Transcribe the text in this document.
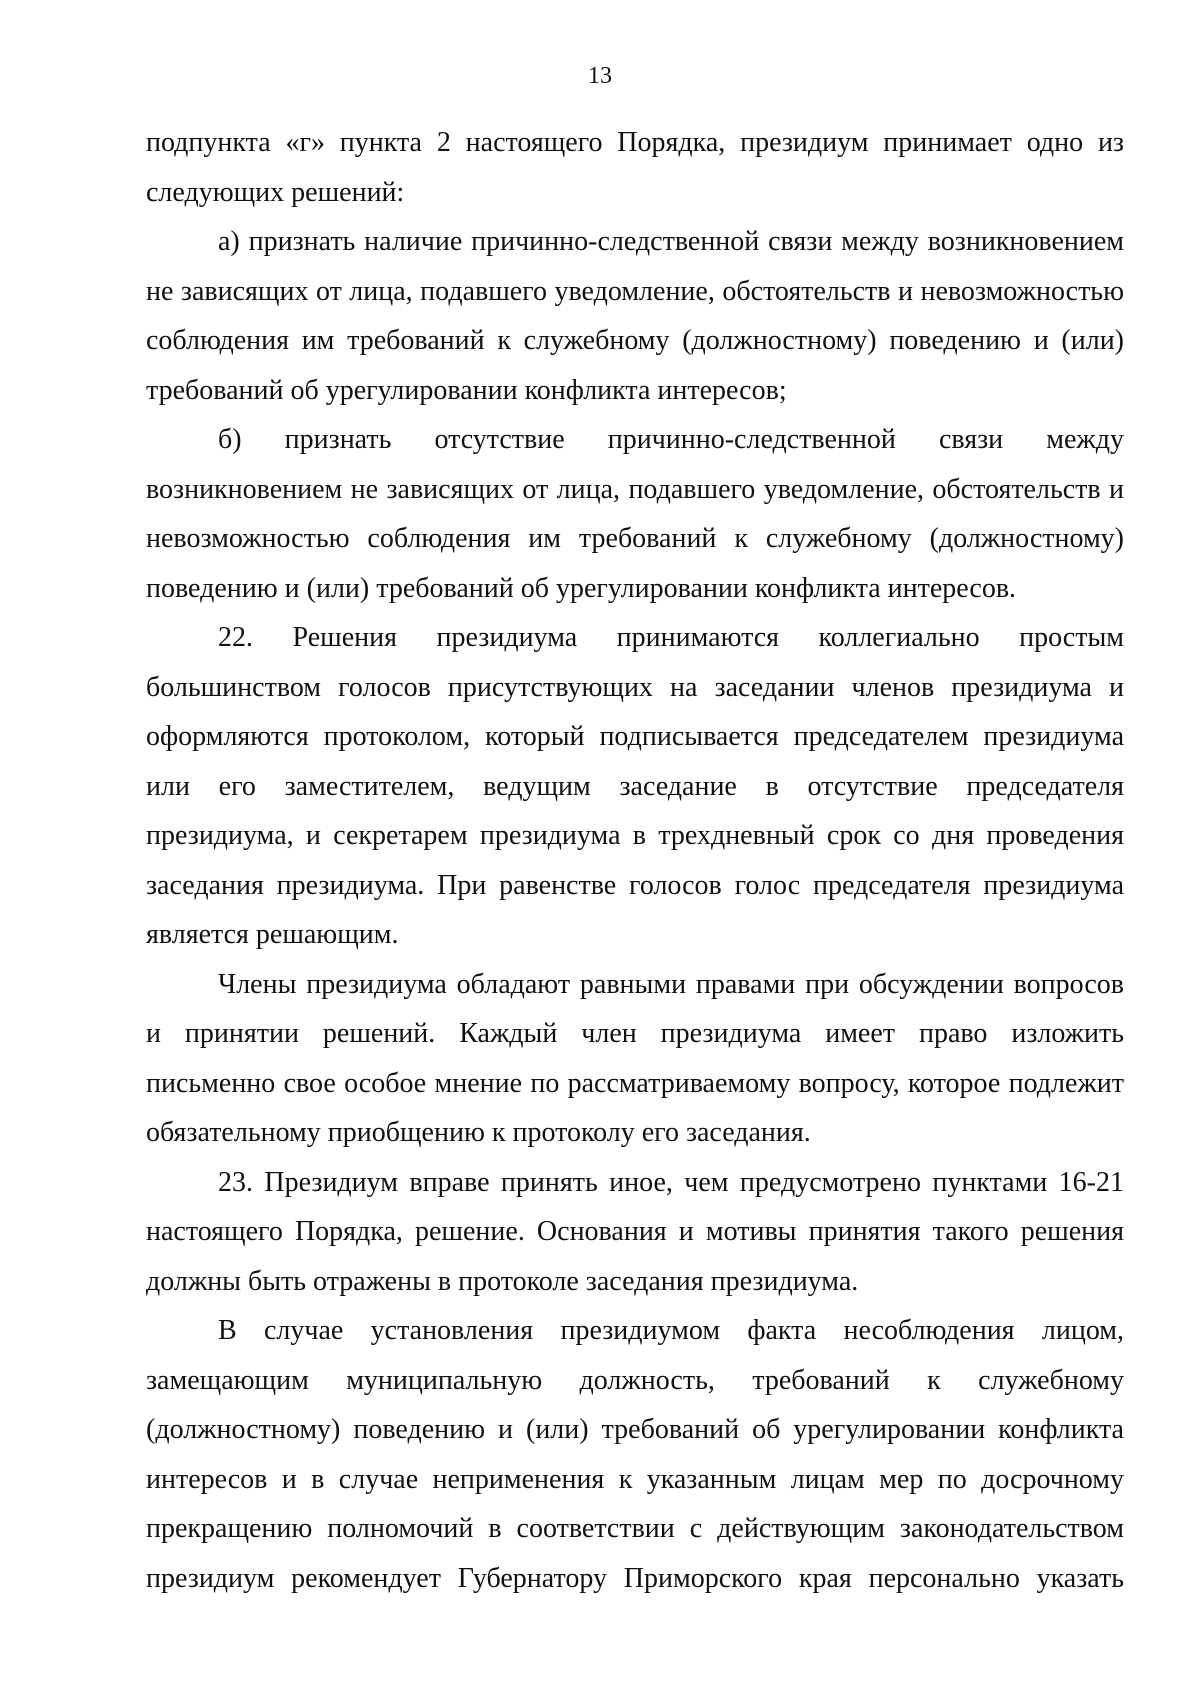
13

подпункта «г» пункта 2 настоящего Порядка, президиум принимает одно из следующих решений:

а) признать наличие причинно-следственной связи между возникновением не зависящих от лица, подавшего уведомление, обстоятельств и невозможностью соблюдения им требований к служебному (должностному) поведению и (или) требований об урегулировании конфликта интересов;

б) признать отсутствие причинно-следственной связи между возникновением не зависящих от лица, подавшего уведомление, обстоятельств и невозможностью соблюдения им требований к служебному (должностному) поведению и (или) требований об урегулировании конфликта интересов.

22. Решения президиума принимаются коллегиально простым большинством голосов присутствующих на заседании членов президиума и оформляются протоколом, который подписывается председателем президиума или его заместителем, ведущим заседание в отсутствие председателя президиума, и секретарем президиума в трехдневный срок со дня проведения заседания президиума. При равенстве голосов голос председателя президиума является решающим.

Члены президиума обладают равными правами при обсуждении вопросов и принятии решений. Каждый член президиума имеет право изложить письменно свое особое мнение по рассматриваемому вопросу, которое подлежит обязательному приобщению к протоколу его заседания.

23. Президиум вправе принять иное, чем предусмотрено пунктами 16-21 настоящего Порядка, решение. Основания и мотивы принятия такого решения должны быть отражены в протоколе заседания президиума.

В случае установления президиумом факта несоблюдения лицом, замещающим муниципальную должность, требований к служебному (должностному) поведению и (или) требований об урегулировании конфликта интересов и в случае неприменения к указанным лицам мер по досрочному прекращению полномочий в соответствии с действующим законодательством президиум рекомендует Губернатору Приморского края персонально указать
